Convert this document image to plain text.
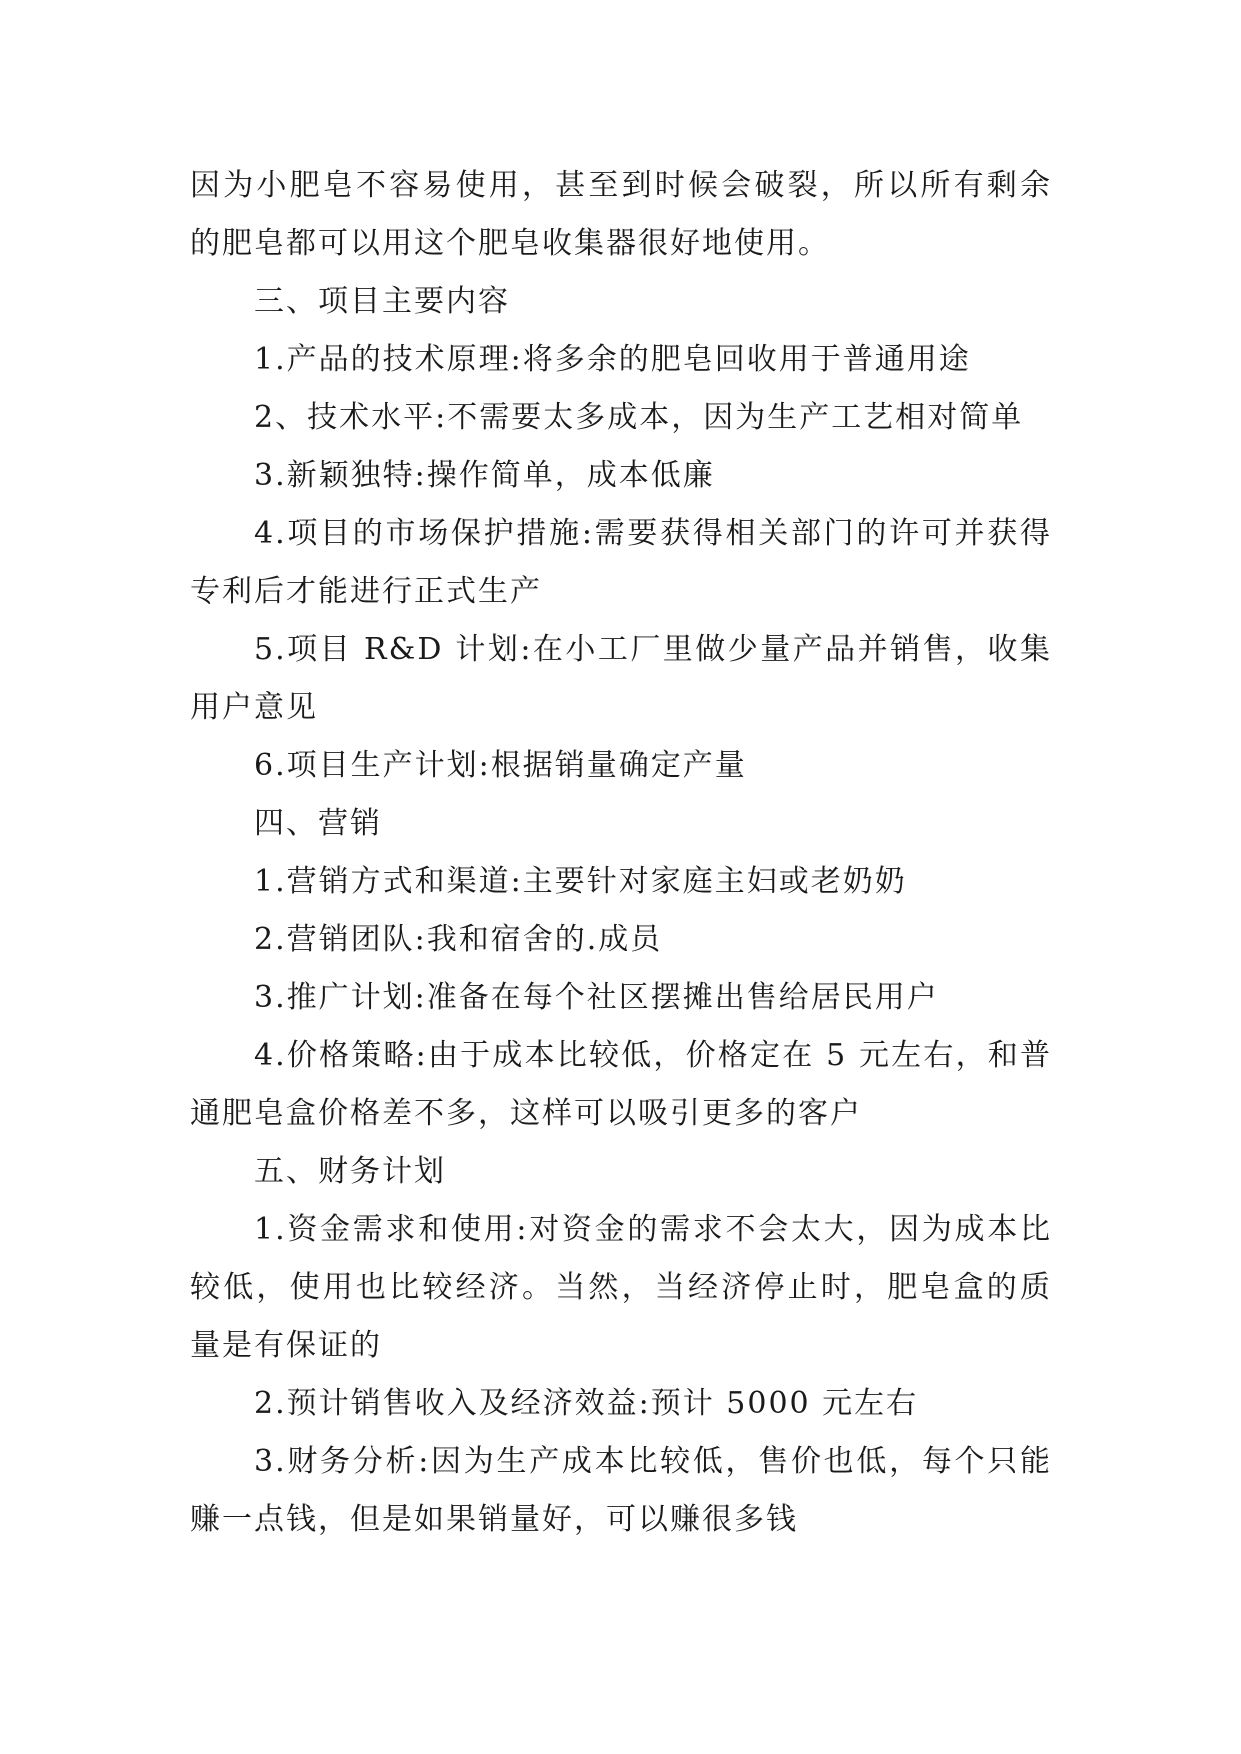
因为小肥皂不容易使用，甚至到时候会破裂，所以所有剩余的肥皂都可以用这个肥皂收集器很好地使用。

三、项目主要内容

1.产品的技术原理:将多余的肥皂回收用于普通用途

2、技术水平:不需要太多成本，因为生产工艺相对简单

3.新颖独特:操作简单，成本低廉

4.项目的市场保护措施:需要获得相关部门的许可并获得专利后才能进行正式生产

5.项目 R&D 计划:在小工厂里做少量产品并销售，收集用户意见

6.项目生产计划:根据销量确定产量

四、营销

1.营销方式和渠道:主要针对家庭主妇或老奶奶

2.营销团队:我和宿舍的.成员

3.推广计划:准备在每个社区摆摊出售给居民用户

4.价格策略:由于成本比较低，价格定在 5 元左右，和普通肥皂盒价格差不多，这样可以吸引更多的客户

五、财务计划

1.资金需求和使用:对资金的需求不会太大，因为成本比较低，使用也比较经济。当然，当经济停止时，肥皂盒的质量是有保证的

2.预计销售收入及经济效益:预计 5000 元左右

3.财务分析:因为生产成本比较低，售价也低，每个只能赚一点钱，但是如果销量好，可以赚很多钱
